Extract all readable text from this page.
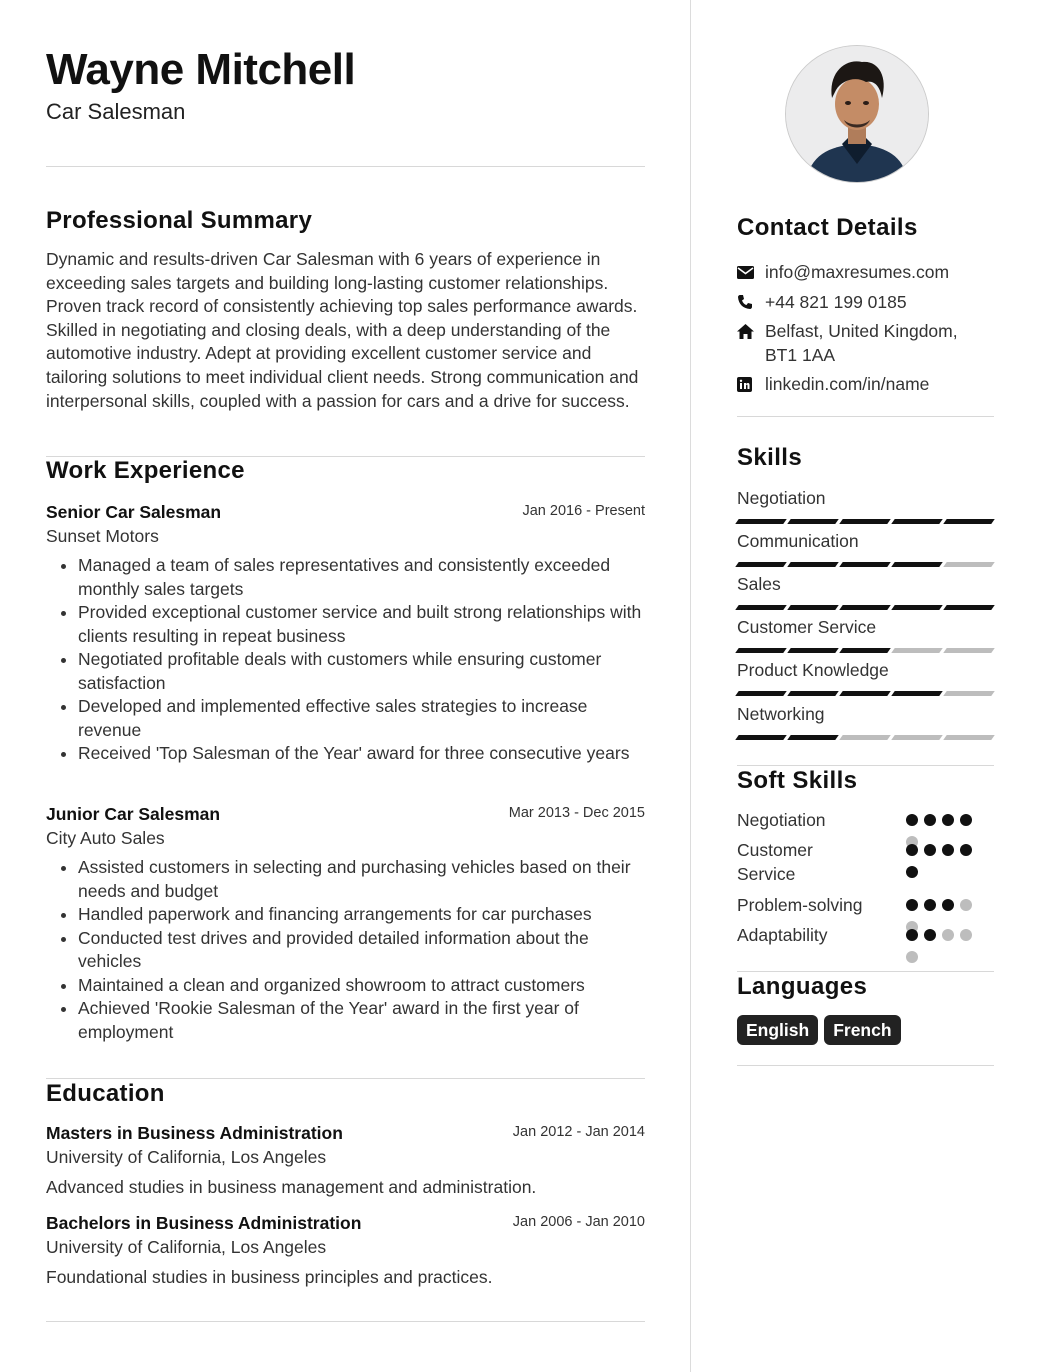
Wayne Mitchell
Car Salesman
Professional Summary
Dynamic and results-driven Car Salesman with 6 years of experience in exceeding sales targets and building long-lasting customer relationships. Proven track record of consistently achieving top sales performance awards. Skilled in negotiating and closing deals, with a deep understanding of the automotive industry. Adept at providing excellent customer service and tailoring solutions to meet individual client needs. Strong communication and interpersonal skills, coupled with a passion for cars and a drive for success.
Work Experience
Senior Car Salesman	Jan 2016 - Present
Sunset Motors
• Managed a team of sales representatives and consistently exceeded monthly sales targets
• Provided exceptional customer service and built strong relationships with clients resulting in repeat business
• Negotiated profitable deals with customers while ensuring customer satisfaction
• Developed and implemented effective sales strategies to increase revenue
• Received 'Top Salesman of the Year' award for three consecutive years
Junior Car Salesman	Mar 2013 - Dec 2015
City Auto Sales
• Assisted customers in selecting and purchasing vehicles based on their needs and budget
• Handled paperwork and financing arrangements for car purchases
• Conducted test drives and provided detailed information about the vehicles
• Maintained a clean and organized showroom to attract customers
• Achieved 'Rookie Salesman of the Year' award in the first year of employment
Education
Masters in Business Administration	Jan 2012 - Jan 2014
University of California, Los Angeles
Advanced studies in business management and administration.
Bachelors in Business Administration	Jan 2006 - Jan 2010
University of California, Los Angeles
Foundational studies in business principles and practices.
Contact Details
info@maxresumes.com
+44 821 199 0185
Belfast, United Kingdom, BT1 1AA
linkedin.com/in/name
Skills
Negotiation
Communication
Sales
Customer Service
Product Knowledge
Networking
Soft Skills
Negotiation
Customer Service
Problem-solving
Adaptability
Languages
English	French
